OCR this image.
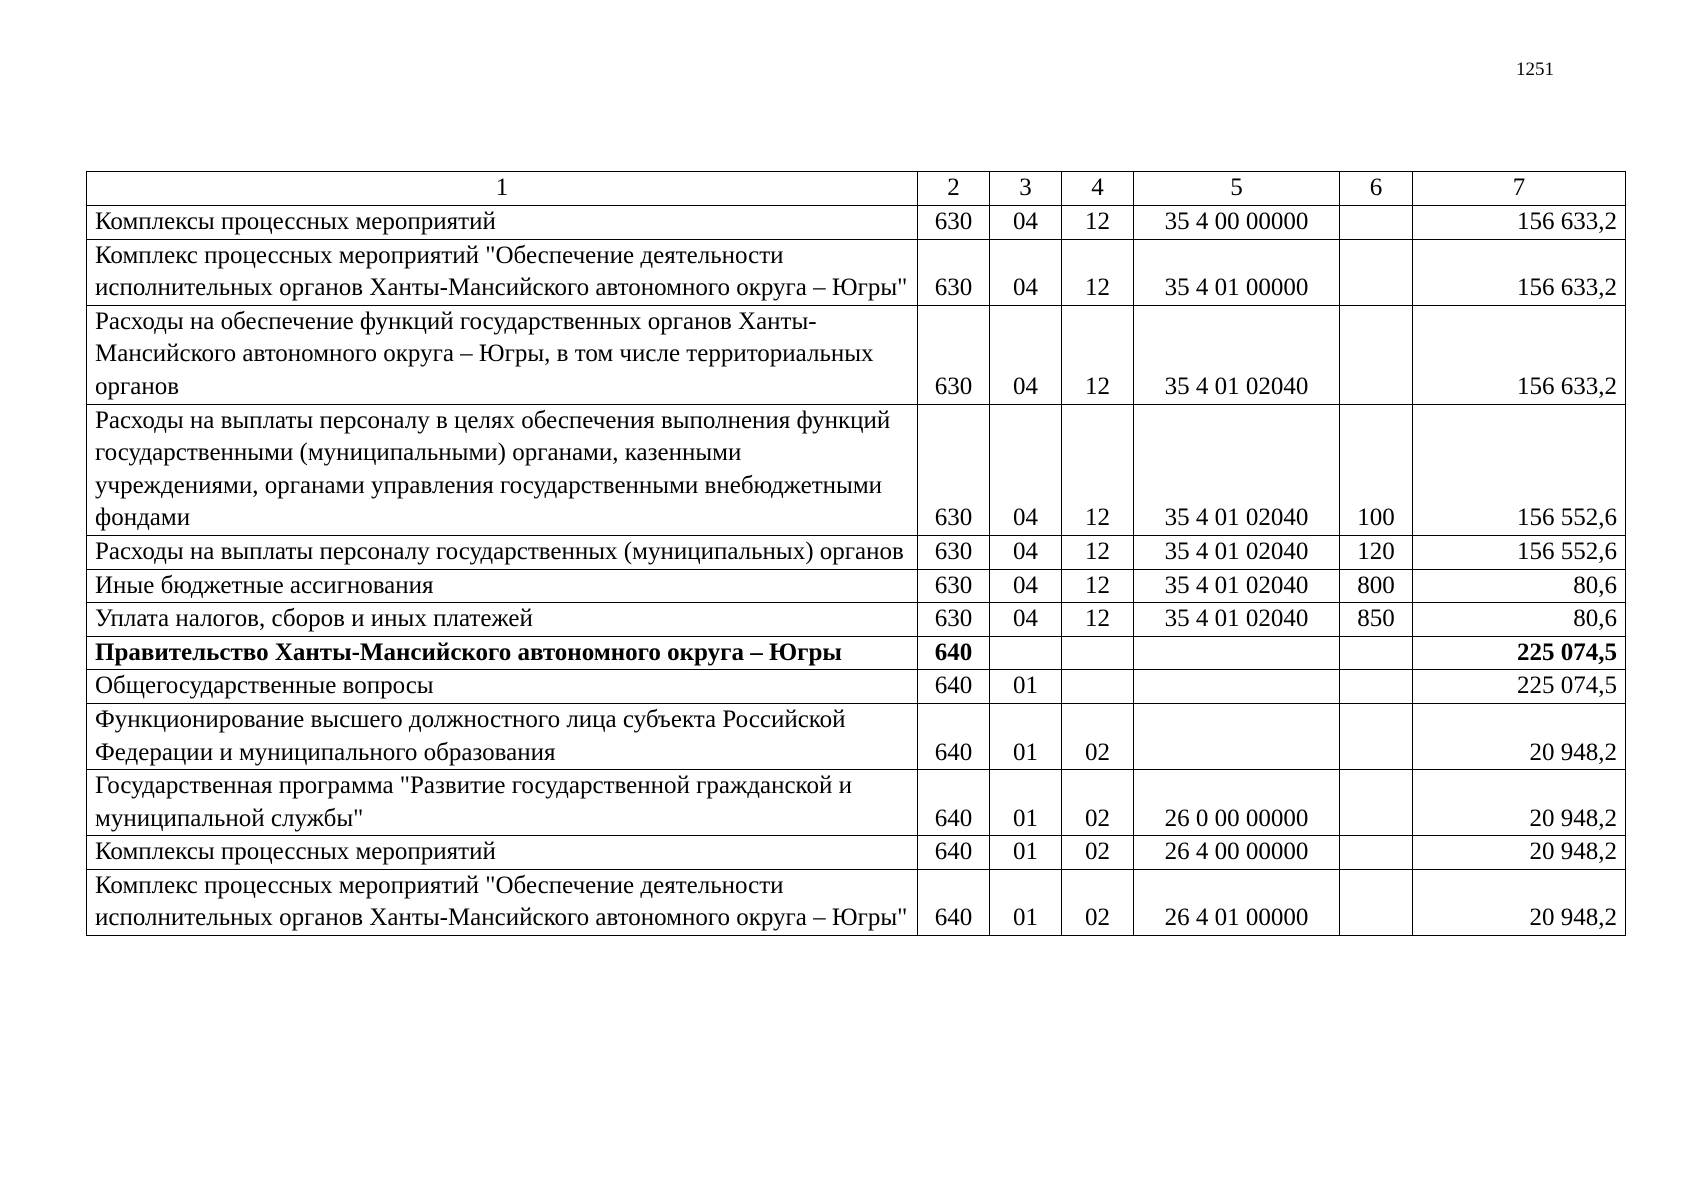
1251
1	2	3	4	5	6	7
Комплексы процессных мероприятий	630	04	12	35 4 00 00000		156 633,2
Комплекс процессных мероприятий "Обеспечение деятельности исполнительных органов Ханты-Мансийского автономного округа – Югры"	630	04	12	35 4 01 00000		156 633,2
Расходы на обеспечение функций государственных органов Ханты-Мансийского автономного округа – Югры, в том числе территориальных органов	630	04	12	35 4 01 02040		156 633,2
Расходы на выплаты персоналу в целях обеспечения выполнения функций государственными (муниципальными) органами, казенными учреждениями, органами управления государственными внебюджетными фондами	630	04	12	35 4 01 02040	100	156 552,6
Расходы на выплаты персоналу государственных (муниципальных) органов	630	04	12	35 4 01 02040	120	156 552,6
Иные бюджетные ассигнования	630	04	12	35 4 01 02040	800	80,6
Уплата налогов, сборов и иных платежей	630	04	12	35 4 01 02040	850	80,6
Правительство Ханты-Мансийского автономного округа – Югры	640					225 074,5
Общегосударственные вопросы	640	01				225 074,5
Функционирование высшего должностного лица субъекта Российской Федерации и муниципального образования	640	01	02			20 948,2
Государственная программа "Развитие государственной гражданской и муниципальной службы"	640	01	02	26 0 00 00000		20 948,2
Комплексы процессных мероприятий	640	01	02	26 4 00 00000		20 948,2
Комплекс процессных мероприятий "Обеспечение деятельности исполнительных органов Ханты-Мансийского автономного округа – Югры"	640	01	02	26 4 01 00000		20 948,2
